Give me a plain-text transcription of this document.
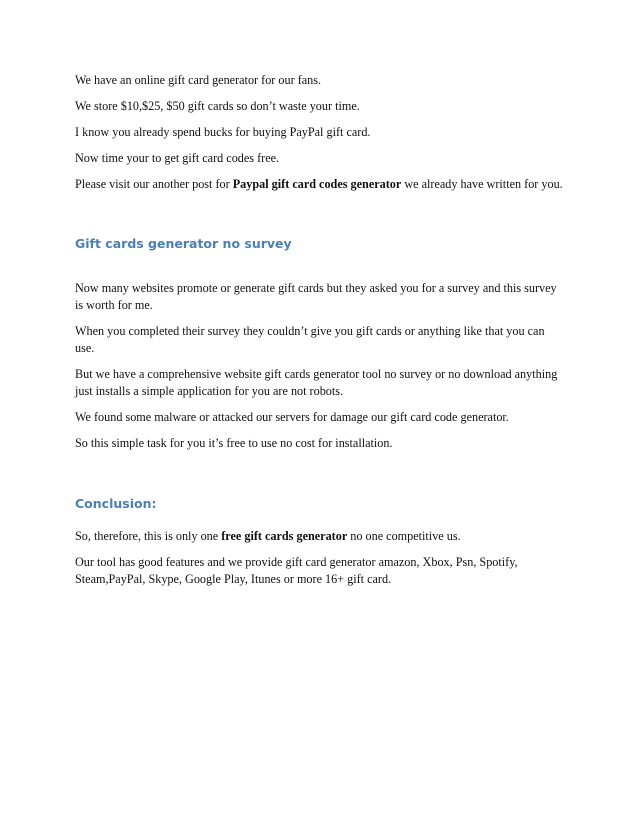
We have an online gift card generator for our fans.

We store $10,$25, $50 gift cards so don’t waste your time.

I know you already spend bucks for buying PayPal gift card.

Now time your to get gift card codes free.

Please visit our another post for Paypal gift card codes generator we already have written for you.

Gift cards generator no survey

Now many websites promote or generate gift cards but they asked you for a survey and this survey is worth for me.

When you completed their survey they couldn’t give you gift cards or anything like that you can use.

But we have a comprehensive website gift cards generator tool no survey or no download anything just installs a simple application for you are not robots.

We found some malware or attacked our servers for damage our gift card code generator.

So this simple task for you it’s free to use no cost for installation.

Conclusion:

So, therefore, this is only one free gift cards generator no one competitive us.

Our tool has good features and we provide gift card generator amazon, Xbox, Psn, Spotify, Steam,PayPal, Skype, Google Play, Itunes or more 16+ gift card.
